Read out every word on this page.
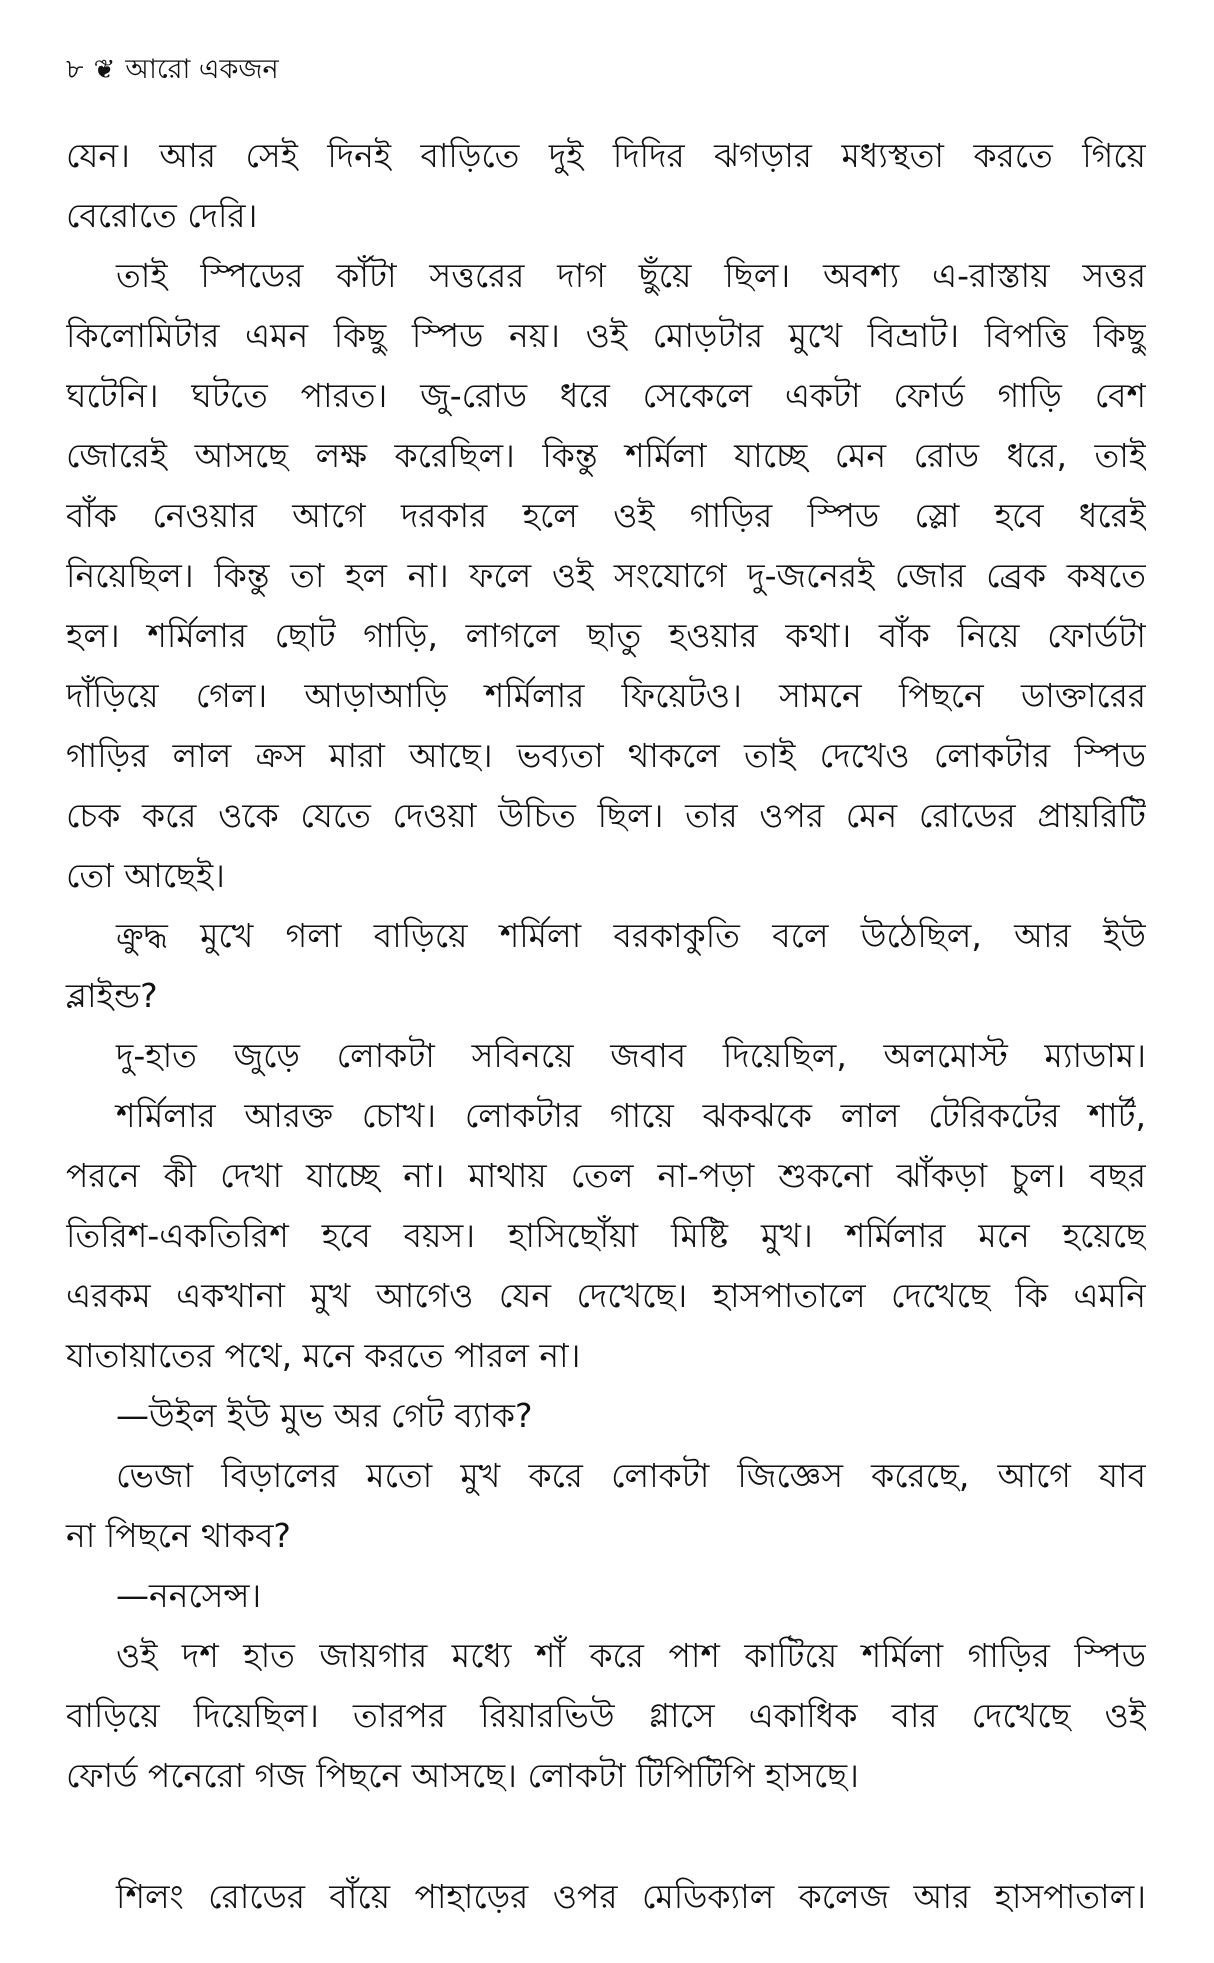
৮ ❦ আরো একজন
যেন। আর সেই দিনই বাড়িতে দুই দিদির ঝগড়ার মধ্যস্থতা করতে গিয়ে
বেরোতে দেরি।
তাই স্পিডের কাঁটা সত্তরের দাগ ছুঁয়ে ছিল। অবশ্য এ-রাস্তায় সত্তর
কিলোমিটার এমন কিছু স্পিড নয়। ওই মোড়টার মুখে বিভ্রাট। বিপত্তি কিছু
ঘটেনি। ঘটতে পারত। জু-রোড ধরে সেকেলে একটা ফোর্ড গাড়ি বেশ
জোরেই আসছে লক্ষ করেছিল। কিন্তু শর্মিলা যাচ্ছে মেন রোড ধরে, তাই
বাঁক নেওয়ার আগে দরকার হলে ওই গাড়ির স্পিড স্লো হবে ধরেই
নিয়েছিল। কিন্তু তা হল না। ফলে ওই সংযোগে দু-জনেরই জোর ব্রেক কষতে
হল। শর্মিলার ছোট গাড়ি, লাগলে ছাতু হওয়ার কথা। বাঁক নিয়ে ফোর্ডটা
দাঁড়িয়ে গেল। আড়াআড়ি শর্মিলার ফিয়েটও। সামনে পিছনে ডাক্তারের
গাড়ির লাল ক্রস মারা আছে। ভব্যতা থাকলে তাই দেখেও লোকটার স্পিড
চেক করে ওকে যেতে দেওয়া উচিত ছিল। তার ওপর মেন রোডের প্রায়রিটি
তো আছেই।
ক্রুদ্ধ মুখে গলা বাড়িয়ে শর্মিলা বরকাকুতি বলে উঠেছিল, আর ইউ
ব্লাইন্ড?
দু-হাত জুড়ে লোকটা সবিনয়ে জবাব দিয়েছিল, অলমোস্ট ম্যাডাম।
শর্মিলার আরক্ত চোখ। লোকটার গায়ে ঝকঝকে লাল টেরিকটের শার্ট,
পরনে কী দেখা যাচ্ছে না। মাথায় তেল না-পড়া শুকনো ঝাঁকড়া চুল। বছর
তিরিশ-একতিরিশ হবে বয়স। হাসিছোঁয়া মিষ্টি মুখ। শর্মিলার মনে হয়েছে
এরকম একখানা মুখ আগেও যেন দেখেছে। হাসপাতালে দেখেছে কি এমনি
যাতায়াতের পথে, মনে করতে পারল না।
—উইল ইউ মুভ অর গেট ব্যাক?
ভেজা বিড়ালের মতো মুখ করে লোকটা জিজ্ঞেস করেছে, আগে যাব
না পিছনে থাকব?
—ননসেন্স।
ওই দশ হাত জায়গার মধ্যে শাঁ করে পাশ কাটিয়ে শর্মিলা গাড়ির স্পিড
বাড়িয়ে দিয়েছিল। তারপর রিয়ারভিউ গ্লাসে একাধিক বার দেখেছে ওই
ফোর্ড পনেরো গজ পিছনে আসছে। লোকটা টিপিটিপি হাসছে।
শিলং রোডের বাঁয়ে পাহাড়ের ওপর মেডিক্যাল কলেজ আর হাসপাতাল।
